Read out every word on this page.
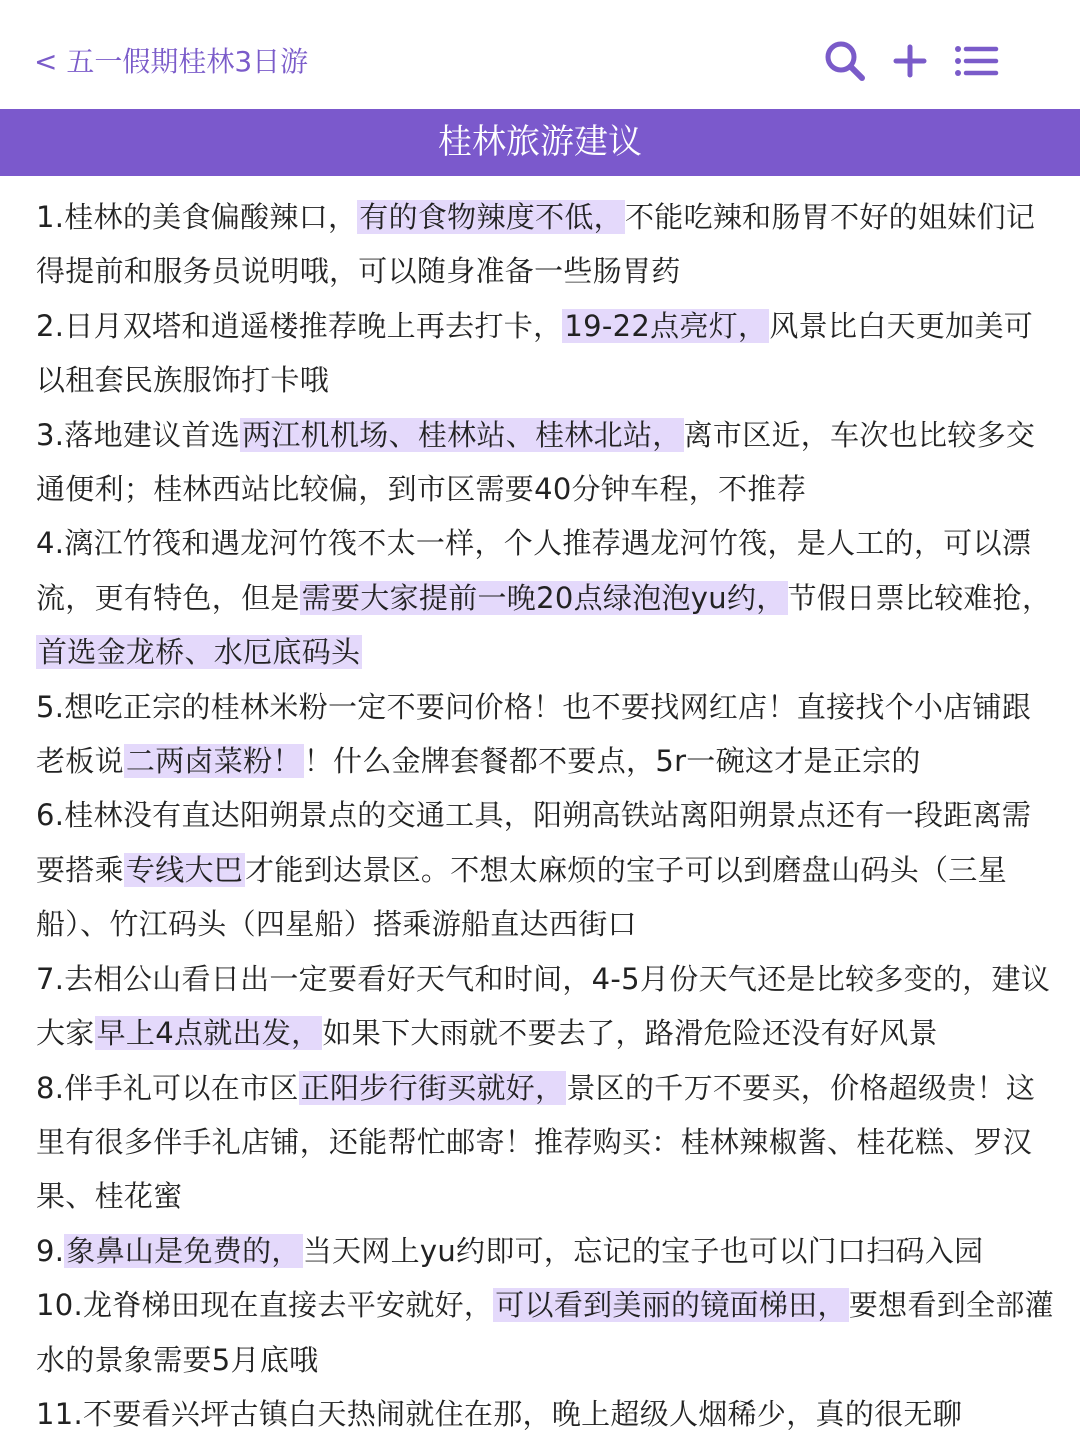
< 五一假期桂林3日游
桂林旅游建议

1.桂林的美食偏酸辣口，有的食物辣度不低，不能吃辣和肠胃不好的姐妹们记得提前和服务员说明哦，可以随身准备一些肠胃药

2.日月双塔和逍遥楼推荐晚上再去打卡，19-22点亮灯，风景比白天更加美可以租套民族服饰打卡哦

3.落地建议首选两江机机场、桂林站、桂林北站，离市区近，车次也比较多交通便利；桂林西站比较偏，到市区需要40分钟车程，不推荐

4.漓江竹筏和遇龙河竹筏不太一样，个人推荐遇龙河竹筏，是人工的，可以漂流，更有特色，但是需要大家提前一晚20点绿泡泡yu约，节假日票比较难抢，首选金龙桥、水厄底码头

5.想吃正宗的桂林米粉一定不要问价格！也不要找网红店！直接找个小店铺跟老板说二两卤菜粉！！什么金牌套餐都不要点，5r一碗这才是正宗的

6.桂林没有直达阳朔景点的交通工具，阳朔高铁站离阳朔景点还有一段距离需要搭乘专线大巴才能到达景区。不想太麻烦的宝子可以到磨盘山码头（三星船）、竹江码头（四星船）搭乘游船直达西街口

7.去相公山看日出一定要看好天气和时间，4-5月份天气还是比较多变的，建议大家早上4点就出发，如果下大雨就不要去了，路滑危险还没有好风景

8.伴手礼可以在市区正阳步行街买就好，景区的千万不要买，价格超级贵！这里有很多伴手礼店铺，还能帮忙邮寄！推荐购买：桂林辣椒酱、桂花糕、罗汉果、桂花蜜

9.象鼻山是免费的，当天网上yu约即可，忘记的宝子也可以门口扫码入园

10.龙脊梯田现在直接去平安就好，可以看到美丽的镜面梯田，要想看到全部灌水的景象需要5月底哦

11.不要看兴坪古镇白天热闹就住在那，晚上超级人烟稀少，真的很无聊
